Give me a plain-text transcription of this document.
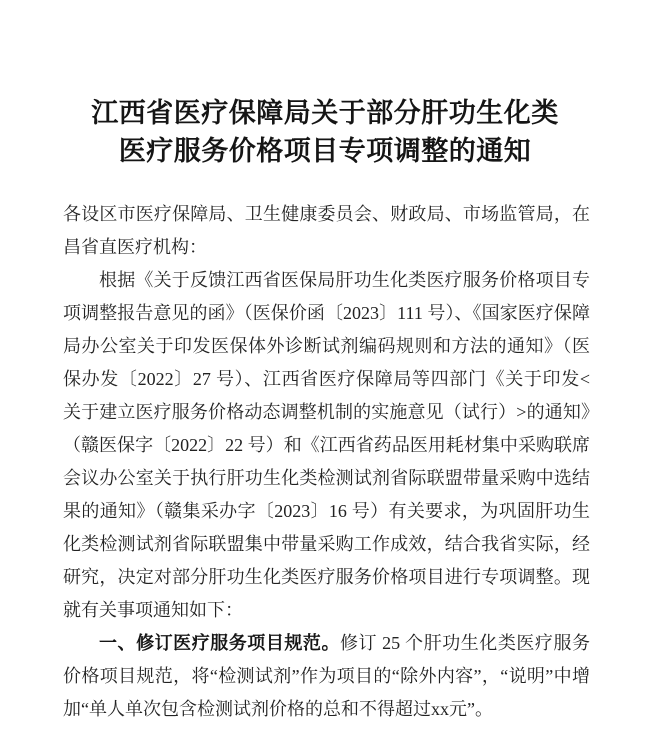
江西省医疗保障局关于部分肝功生化类
医疗服务价格项目专项调整的通知

各设区市医疗保障局、卫生健康委员会、财政局、市场监管局，在昌省直医疗机构：

根据《关于反馈江西省医保局肝功生化类医疗服务价格项目专项调整报告意见的函》（医保价函〔2023〕111 号）、《国家医疗保障局办公室关于印发医保体外诊断试剂编码规则和方法的通知》（医保办发〔2022〕27 号）、江西省医疗保障局等四部门《关于印发<关于建立医疗服务价格动态调整机制的实施意见（试行）>的通知》（赣医保字〔2022〕22 号）和《江西省药品医用耗材集中采购联席会议办公室关于执行肝功生化类检测试剂省际联盟带量采购中选结果的通知》（赣集采办字〔2023〕16 号）有关要求，为巩固肝功生化类检测试剂省际联盟集中带量采购工作成效，结合我省实际，经研究，决定对部分肝功生化类医疗服务价格项目进行专项调整。现就有关事项通知如下：

一、修订医疗服务项目规范。修订 25 个肝功生化类医疗服务价格项目规范，将“检测试剂”作为项目的“除外内容”，“说明”中增加“单人单次包含检测试剂价格的总和不得超过xx元”。
